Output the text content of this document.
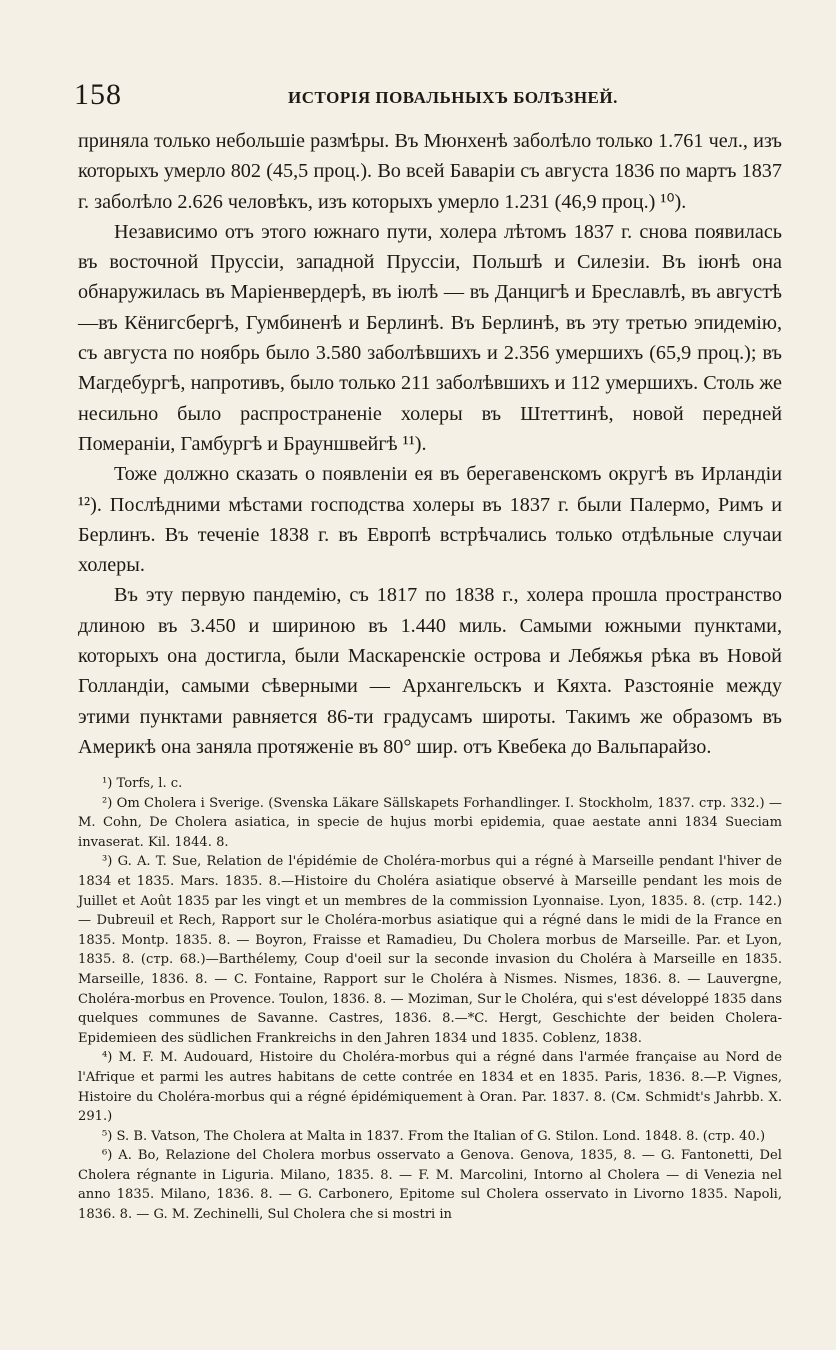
158	ИСТОРІЯ ПОВАЛЬНЫХЪ БОЛѢЗНЕЙ.

приняла только небольшіе размѣры. Въ Мюнхенѣ заболѣло только 1.761 чел., изъ которыхъ умерло 802 (45,5 проц.). Во всей Баваріи съ августа 1836 по мартъ 1837 г. заболѣло 2.626 человѣкъ, изъ которыхъ умерло 1.231 (46,9 проц.) ¹⁰).

Независимо отъ этого южнаго пути, холера лѣтомъ 1837 г. снова появилась въ восточной Пруссіи, западной Пруссіи, Польшѣ и Силезіи. Въ іюнѣ она обнаружилась въ Маріенвердерѣ, въ іюлѣ — въ Данцигѣ и Бреславлѣ, въ августѣ—въ Кёнигсбергѣ, Гумбиненѣ и Берлинѣ. Въ Берлинѣ, въ эту третью эпидемію, съ августа по ноябрь было 3.580 заболѣвшихъ и 2.356 умершихъ (65,9 проц.); въ Магдебургѣ, напротивъ, было только 211 заболѣвшихъ и 112 умершихъ. Столь же несильно было распространеніе холеры въ Штеттинѣ, новой передней Помераніи, Гамбургѣ и Брауншвейгѣ ¹¹).

Тоже должно сказать о появленіи ея въ берегавенскомъ округѣ въ Ирландіи ¹²). Послѣдними мѣстами господства холеры въ 1837 г. были Палермо, Римъ и Берлинъ. Въ теченіе 1838 г. въ Европѣ встрѣчались только отдѣльные случаи холеры.

Въ эту первую пандемію, съ 1817 по 1838 г., холера прошла пространство длиною въ 3.450 и шириною въ 1.440 миль. Самыми южными пунктами, которыхъ она достигла, были Маскаренскіе острова и Лебяжья рѣка въ Новой Голландіи, самыми сѣверными — Архангельскъ и Кяхта. Разстояніе между этими пунктами равняется 86-ти градусамъ широты. Такимъ же образомъ въ Америкѣ она заняла протяженіе въ 80° шир. отъ Квебека до Вальпарайзо.

¹) Torfs, l. c.

²) Om Cholera i Sverige. (Svenska Läkare Sällskapets Forhandlinger. I. Stockholm, 1837. стр. 332.) — M. Cohn, De Cholera asiatica, in specie de hujus morbi epidemia, quae aestate anni 1834 Sueciam invaserat. Kil. 1844. 8.

³) G. A. T. Sue, Relation de l'épidémie de Choléra-morbus qui a régné à Marseille pendant l'hiver de 1834 et 1835. Mars. 1835. 8.—Histoire du Choléra asiatique observé à Marseille pendant les mois de Juillet et Août 1835 par les vingt et un membres de la commission Lyonnaise. Lyon, 1835. 8. (стр. 142.) — Dubreuil et Rech, Rapport sur le Choléra-morbus asiatique qui a régné dans le midi de la France en 1835. Montp. 1835. 8. — Boyron, Fraisse et Ramadieu, Du Cholera morbus de Marseille. Par. et Lyon, 1835. 8. (стр. 68.)—Barthélemy, Coup d'oeil sur la seconde invasion du Choléra à Marseille en 1835. Marseille, 1836. 8. — C. Fontaine, Rapport sur le Choléra à Nismes. Nismes, 1836. 8. — Lauvergne, Choléra-morbus en Provence. Toulon, 1836. 8. — Moziman, Sur le Choléra, qui s'est développé 1835 dans quelques communes de Savanne. Castres, 1836. 8.—*C. Hergt, Geschichte der beiden Cholera-Epidemieen des südlichen Frankreichs in den Jahren 1834 und 1835. Coblenz, 1838.

⁴) M. F. M. Audouard, Histoire du Choléra-morbus qui a régné dans l'armée française au Nord de l'Afrique et parmi les autres habitans de cette contrée en 1834 et en 1835. Paris, 1836. 8.—P. Vignes, Histoire du Choléra-morbus qui a régné épidémiquement à Oran. Par. 1837. 8. (См. Schmidt's Jahrbb. X. 291.)

⁵) S. B. Vatson, The Cholera at Malta in 1837. From the Italian of G. Stilon. Lond. 1848. 8. (стр. 40.)

⁶) A. Bo, Relazione del Cholera morbus osservato a Genova. Genova, 1835, 8. — G. Fantonetti, Del Cholera régnante in Liguria. Milano, 1835. 8. — F. M. Marcolini, Intorno al Cholera — di Venezia nel anno 1835. Milano, 1836. 8. — G. Carbonero, Epitome sul Cholera osservato in Livorno 1835. Napoli, 1836. 8. — G. M. Zechinelli, Sul Cholera che si mostri in
